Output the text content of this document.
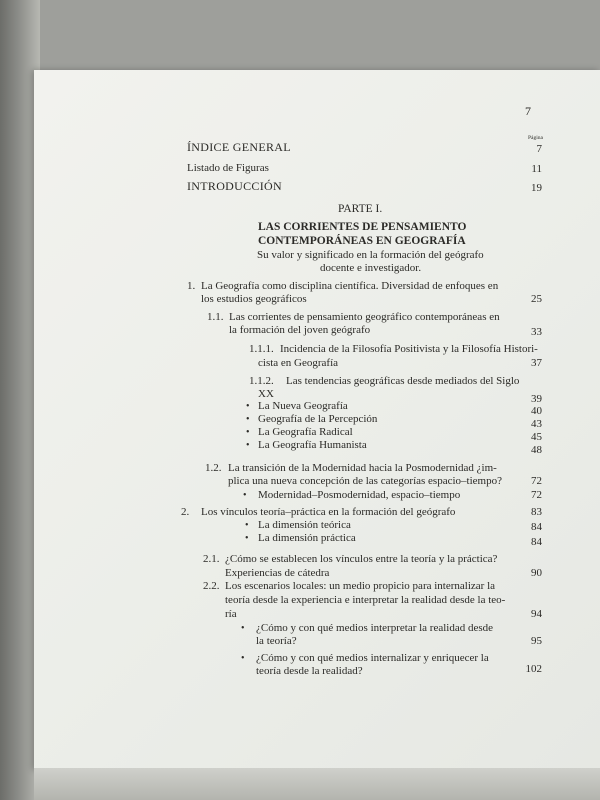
7
Página
ÍNDICE GENERAL	7
Listado de Figuras	11
INTRODUCCIÓN	19
PARTE I.
LAS CORRIENTES DE PENSAMIENTO
CONTEMPORÁNEAS EN GEOGRAFÍA
Su valor y significado en la formación del geógrafo
docente e investigador.
1. La Geografía como disciplina científica. Diversidad de enfoques en
los estudios geográficos	25
1.1. Las corrientes de pensamiento geográfico contemporáneas en
la formación del joven geógrafo	33
1.1.1. Incidencia de la Filosofía Positivista y la Filosofía Histori-
cista en Geografía	37
1.1.2. Las tendencias geográficas desde mediados del Siglo
XX	39
• La Nueva Geografía	40
• Geografía de la Percepción	43
• La Geografía Radical	45
• La Geografía Humanista	48
1.2. La transición de la Modernidad hacia la Posmodernidad ¿im-
plica una nueva concepción de las categorías espacio–tiempo?	72
• Modernidad–Posmodernidad, espacio–tiempo	72
2. Los vínculos teoría–práctica en la formación del geógrafo	83
• La dimensión teórica	84
• La dimensión práctica	84
2.1. ¿Cómo se establecen los vínculos entre la teoría y la práctica?
Experiencias de cátedra	90
2.2. Los escenarios locales: un medio propicio para internalizar la
teoría desde la experiencia e interpretar la realidad desde la teo-
ría	94
• ¿Cómo y con qué medios interpretar la realidad desde
la teoría?	95
• ¿Cómo y con qué medios internalizar y enriquecer la
teoría desde la realidad?	102
